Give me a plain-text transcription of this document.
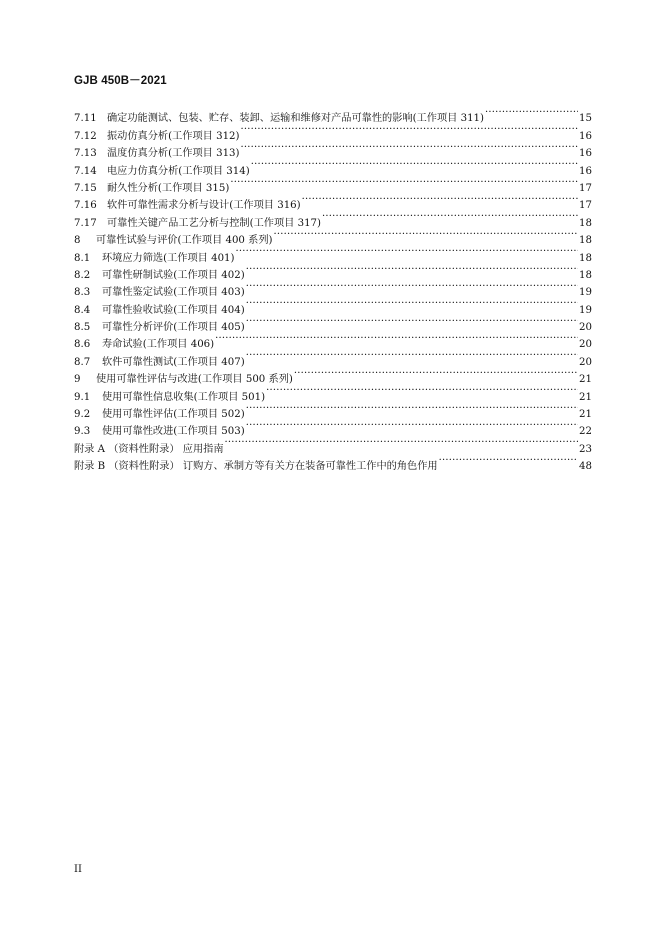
GJB 450B－2021
7.11	确定功能测试、包装、贮存、装卸、运输和维修对产品可靠性的影响(工作项目 311) ·····	15
7.12	振动仿真分析(工作项目 312) ·····	16
7.13	温度仿真分析(工作项目 313) ·····	16
7.14	电应力仿真分析(工作项目 314) ·····	16
7.15	耐久性分析(工作项目 315) ·····	17
7.16	软件可靠性需求分析与设计(工作项目 316) ·····	17
7.17	可靠性关键产品工艺分析与控制(工作项目 317) ·····	18
8	可靠性试验与评价(工作项目 400 系列) ·····	18
8.1	环境应力筛选(工作项目 401) ·····	18
8.2	可靠性研制试验(工作项目 402) ·····	18
8.3	可靠性鉴定试验(工作项目 403) ·····	19
8.4	可靠性验收试验(工作项目 404) ·····	19
8.5	可靠性分析评价(工作项目 405) ·····	20
8.6	寿命试验(工作项目 406) ·····	20
8.7	软件可靠性测试(工作项目 407) ·····	20
9	使用可靠性评估与改进(工作项目 500 系列) ·····	21
9.1	使用可靠性信息收集(工作项目 501) ·····	21
9.2	使用可靠性评估(工作项目 502) ·····	21
9.3	使用可靠性改进(工作项目 503) ·····	22
附录 A （资料性附录） 应用指南 ·····	23
附录 B （资料性附录） 订购方、承制方等有关方在装备可靠性工作中的角色作用 ·····	48
II
